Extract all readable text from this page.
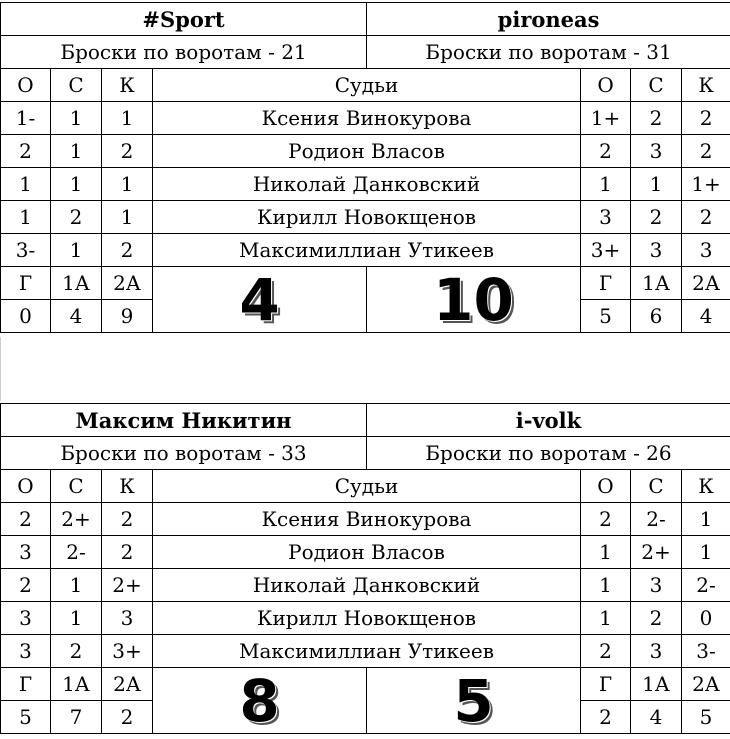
#Sport				pironeas			
Броски по воротам - 21				Броски по воротам - 31			
О	С	К	Судьи		О	С	К
1-	1	1	Ксения Винокурова		1+	2	2
2	1	2	Родион Власов		2	3	2
1	1	1	Николай Данковский		1	1	1+
1	2	1	Кирилл Новокщенов		3	2	2
3-	1	2	Максимиллиан Утикеев		3+	3	3
Г	1А	2А	4	10	Г	1А	2А
0	4	9			5	6	4
Максим Никитин				i-volk			
Броски по воротам - 33				Броски по воротам - 26			
О	С	К	Судьи		О	С	К
2	2+	2	Ксения Винокурова		2	2-	1
3	2-	2	Родион Власов		1	2+	1
2	1	2+	Николай Данковский		1	3	2-
3	1	3	Кирилл Новокщенов		1	2	0
3	2	3+	Максимиллиан Утикеев		2	3	3-
Г	1А	2А	8	5	Г	1А	2А
5	7	2			2	4	5
